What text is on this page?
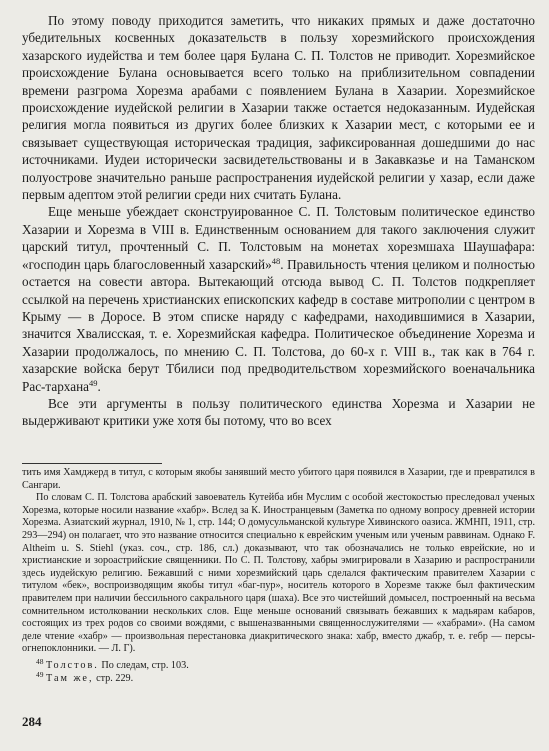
По этому поводу приходится заметить, что никаких прямых и даже достаточно убедительных косвенных доказательств в пользу хорезмийского происхождения хазарского иудейства и тем более царя Булана С. П. Толстов не приводит. Хорезмийское происхождение Булана основывается всего только на приблизительном совпадении времени разгрома Хорезма арабами с появлением Булана в Хазарии. Хорезмийское происхождение иудейской религии в Хазарии также остается недоказанным. Иудейская религия могла появиться из других более близких к Хазарии мест, с которыми ее и связывает существующая историческая традиция, зафиксированная дошедшими до нас источниками. Иудеи исторически засвидетельствованы и в Закавказье и на Таманском полуострове значительно раньше распространения иудейской религии у хазар, если даже первым адептом этой религии среди них считать Булана.

Еще меньше убеждает сконструированное С. П. Толстовым политическое единство Хазарии и Хорезма в VIII в. Единственным основанием для такого заключения служит царский титул, прочтенный С. П. Толстовым на монетах хорезмшаха Шаушафара: «господин царь благословенный хазарский»$^{48}$. Правильность чтения целиком и полностью остается на совести автора. Вытекающий отсюда вывод С. П. Толстов подкрепляет ссылкой на перечень христианских епископских кафедр в составе митрополии с центром в Крыму — в Доросе. В этом списке наряду с кафедрами, находившимися в Хазарии, значится Хвалисская, т. е. Хорезмийская кафедра. Политическое объединение Хорезма и Хазарии продолжалось, по мнению С. П. Толстова, до 60-х г. VIII в., так как в 764 г. хазарские войска берут Тбилиси под предводительством хорезмийского военачальника Рас-тархана$^{49}$.

Все эти аргументы в пользу политического единства Хорезма и Хазарии не выдерживают критики уже хотя бы потому, что во всех

тить имя Хамджерд в титул, с которым якобы занявший место убитого царя появился в Хазарии, где и превратился в Сангари.

По словам С. П. Толстова арабский завоеватель Кутейба ибн Муслим с особой жестокостью преследовал ученых Хорезма, которые носили название «хабр». Вслед за К. Иностранцевым (Заметка по одному вопросу древней истории Хорезма. Азиатский журнал, 1910, № 1, стр. 144; О домусульманской культуре Хивинского оазиса. ЖМНП, 1911, стр. 293—294) он полагает, что это название относится специально к еврейским ученым или ученым раввинам. Однако F. Altheim u. S. Stiehl (указ. соч., стр. 186, сл.) доказывают, что так обозначались не только еврейские, но и христианские и зороастрийские священники. По С. П. Толстову, хабры эмигрировали в Хазарию и распространили здесь иудейскую религию. Бежавший с ними хорезмийский царь сделался фактическим правителем Хазарии с титулом «бек», воспроизводящим якобы титул «баг-пур», носитель которого в Хорезме также был фактическим правителем при наличии бессильного сакрального царя (шаха). Все это чистейший домысел, построенный на весьма сомнительном истолковании нескольких слов. Еще меньше оснований связывать бежавших к мадьярам кабаров, состоящих из трех родов со своими вождями, с вышеназванными священнослужителями — «хабрами». (На самом деле чтение «хабр» — произвольная перестановка диакритического знака: хабр, вместо джабр, т. е. гебр — персы-огнепоклонники. — Л. Г).

$^{48}$ Толстов. По следам, стр. 103.

$^{49}$ Там же, стр. 229.

284
